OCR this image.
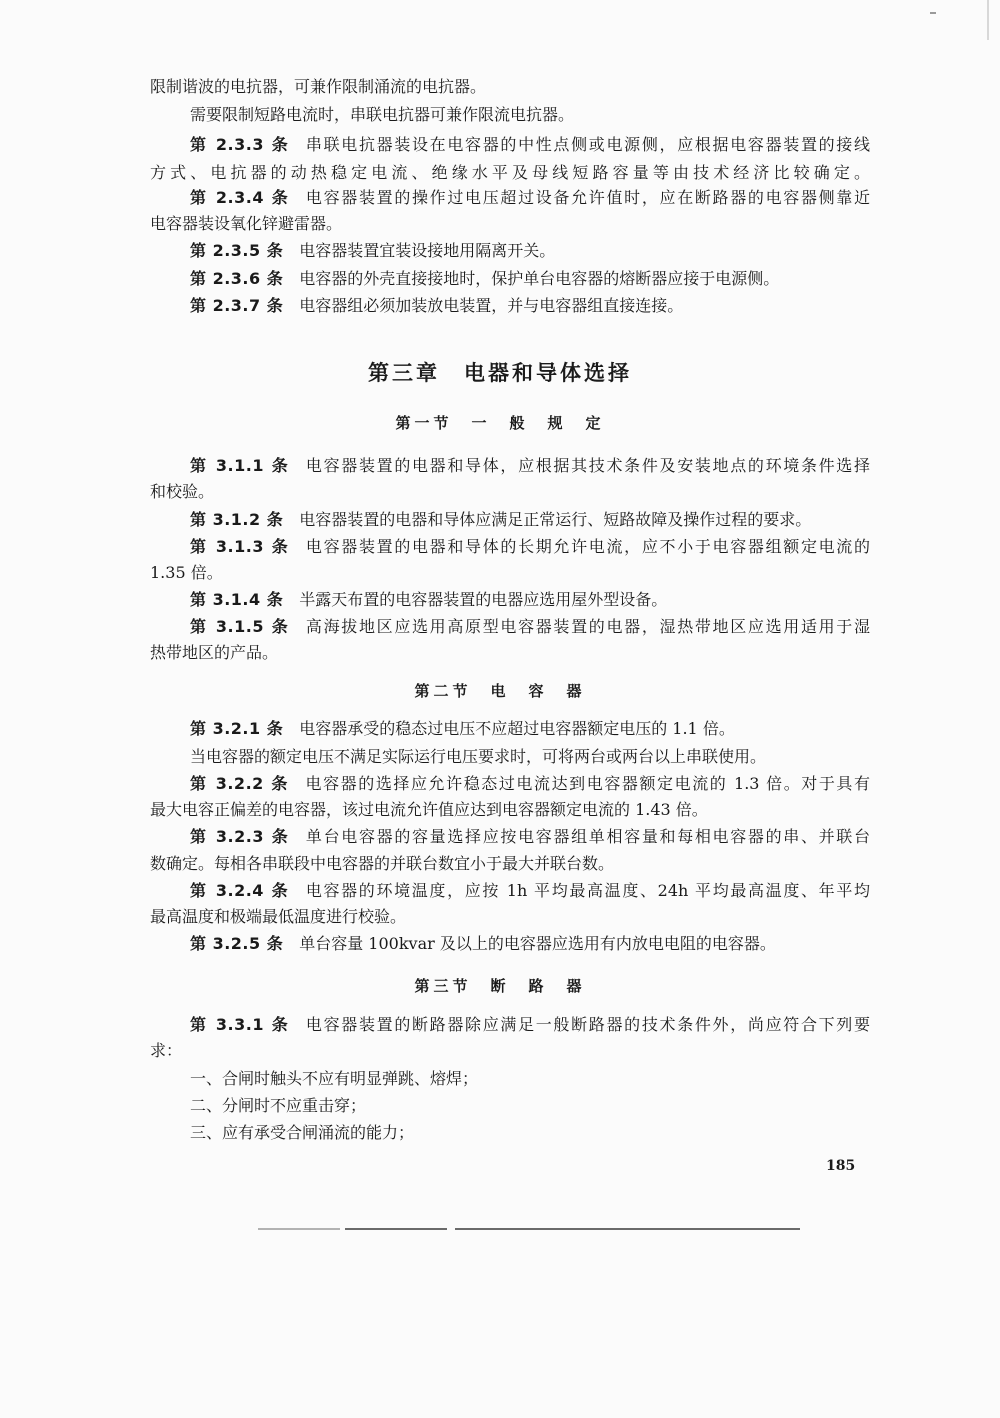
限制谐波的电抗器，可兼作限制涌流的电抗器。
需要限制短路电流时，串联电抗器可兼作限流电抗器。
第 2.3.3 条 串联电抗器装设在电容器的中性点侧或电源侧，应根据电容器装置的接线
方式、电抗器的动热稳定电流、绝缘水平及母线短路容量等由技术经济比较确定。
第 2.3.4 条 电容器装置的操作过电压超过设备允许值时，应在断路器的电容器侧靠近
电容器装设氧化锌避雷器。
第 2.3.5 条 电容器装置宜装设接地用隔离开关。
第 2.3.6 条 电容器的外壳直接接地时，保护单台电容器的熔断器应接于电源侧。
第 2.3.7 条 电容器组必须加装放电装置，并与电容器组直接连接。
第三章　电器和导体选择
第一节　一　般　规　定
第 3.1.1 条 电容器装置的电器和导体，应根据其技术条件及安装地点的环境条件选择
和校验。
第 3.1.2 条 电容器装置的电器和导体应满足正常运行、短路故障及操作过程的要求。
第 3.1.3 条 电容器装置的电器和导体的长期允许电流，应不小于电容器组额定电流的
1.35 倍。
第 3.1.4 条 半露天布置的电容器装置的电器应选用屋外型设备。
第 3.1.5 条 高海拔地区应选用高原型电容器装置的电器，湿热带地区应选用适用于湿
热带地区的产品。
第二节　电　容　器
第 3.2.1 条 电容器承受的稳态过电压不应超过电容器额定电压的 1.1 倍。
当电容器的额定电压不满足实际运行电压要求时，可将两台或两台以上串联使用。
第 3.2.2 条 电容器的选择应允许稳态过电流达到电容器额定电流的 1.3 倍。对于具有
最大电容正偏差的电容器，该过电流允许值应达到电容器额定电流的 1.43 倍。
第 3.2.3 条 单台电容器的容量选择应按电容器组单相容量和每相电容器的串、并联台
数确定。每相各串联段中电容器的并联台数宜小于最大并联台数。
第 3.2.4 条 电容器的环境温度，应按 1h 平均最高温度、24h 平均最高温度、年平均
最高温度和极端最低温度进行校验。
第 3.2.5 条 单台容量 100kvar 及以上的电容器应选用有内放电电阻的电容器。
第三节　断　路　器
第 3.3.1 条 电容器装置的断路器除应满足一般断路器的技术条件外，尚应符合下列要
求：
一、合闸时触头不应有明显弹跳、熔焊；
二、分闸时不应重击穿；
三、应有承受合闸涌流的能力；
185
